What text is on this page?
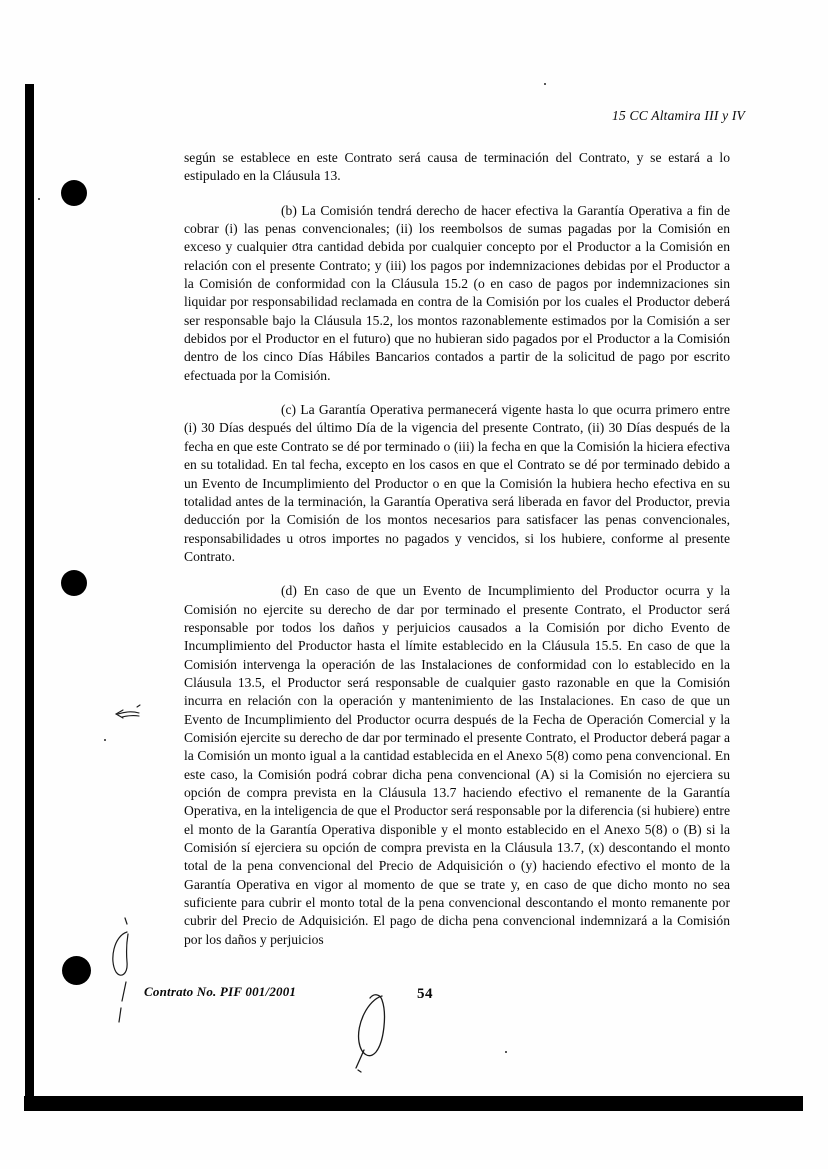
15 CC Altamira III y IV

según se establece en este Contrato será causa de terminación del Contrato, y se estará a lo estipulado en la Cláusula 13.

(b) La Comisión tendrá derecho de hacer efectiva la Garantía Operativa a fin de cobrar (i) las penas convencionales; (ii) los reembolsos de sumas pagadas por la Comisión en exceso y cualquier otra cantidad debida por cualquier concepto por el Productor a la Comisión en relación con el presente Contrato; y (iii) los pagos por indemnizaciones debidas por el Productor a la Comisión de conformidad con la Cláusula 15.2 (o en caso de pagos por indemnizaciones sin liquidar por responsabilidad reclamada en contra de la Comisión por los cuales el Productor deberá ser responsable bajo la Cláusula 15.2, los montos razonablemente estimados por la Comisión a ser debidos por el Productor en el futuro) que no hubieran sido pagados por el Productor a la Comisión dentro de los cinco Días Hábiles Bancarios contados a partir de la solicitud de pago por escrito efectuada por la Comisión.

(c) La Garantía Operativa permanecerá vigente hasta lo que ocurra primero entre (i) 30 Días después del último Día de la vigencia del presente Contrato, (ii) 30 Días después de la fecha en que este Contrato se dé por terminado o (iii) la fecha en que la Comisión la hiciera efectiva en su totalidad. En tal fecha, excepto en los casos en que el Contrato se dé por terminado debido a un Evento de Incumplimiento del Productor o en que la Comisión la hubiera hecho efectiva en su totalidad antes de la terminación, la Garantía Operativa será liberada en favor del Productor, previa deducción por la Comisión de los montos necesarios para satisfacer las penas convencionales, responsabilidades u otros importes no pagados y vencidos, si los hubiere, conforme al presente Contrato.

(d) En caso de que un Evento de Incumplimiento del Productor ocurra y la Comisión no ejercite su derecho de dar por terminado el presente Contrato, el Productor será responsable por todos los daños y perjuicios causados a la Comisión por dicho Evento de Incumplimiento del Productor hasta el límite establecido en la Cláusula 15.5. En caso de que la Comisión intervenga la operación de las Instalaciones de conformidad con lo establecido en la Cláusula 13.5, el Productor será responsable de cualquier gasto razonable en que la Comisión incurra en relación con la operación y mantenimiento de las Instalaciones. En caso de que un Evento de Incumplimiento del Productor ocurra después de la Fecha de Operación Comercial y la Comisión ejercite su derecho de dar por terminado el presente Contrato, el Productor deberá pagar a la Comisión un monto igual a la cantidad establecida en el Anexo 5(8) como pena convencional. En este caso, la Comisión podrá cobrar dicha pena convencional (A) si la Comisión no ejerciera su opción de compra prevista en la Cláusula 13.7 haciendo efectivo el remanente de la Garantía Operativa, en la inteligencia de que el Productor será responsable por la diferencia (si hubiere) entre el monto de la Garantía Operativa disponible y el monto establecido en el Anexo 5(8) o (B) si la Comisión sí ejerciera su opción de compra prevista en la Cláusula 13.7, (x) descontando el monto total de la pena convencional del Precio de Adquisición o (y) haciendo efectivo el monto de la Garantía Operativa en vigor al momento de que se trate y, en caso de que dicho monto no sea suficiente para cubrir el monto total de la pena convencional descontando el monto remanente por cubrir del Precio de Adquisición. El pago de dicha pena convencional indemnizará a la Comisión por los daños y perjuicios

Contrato No. PIF 001/2001	54
